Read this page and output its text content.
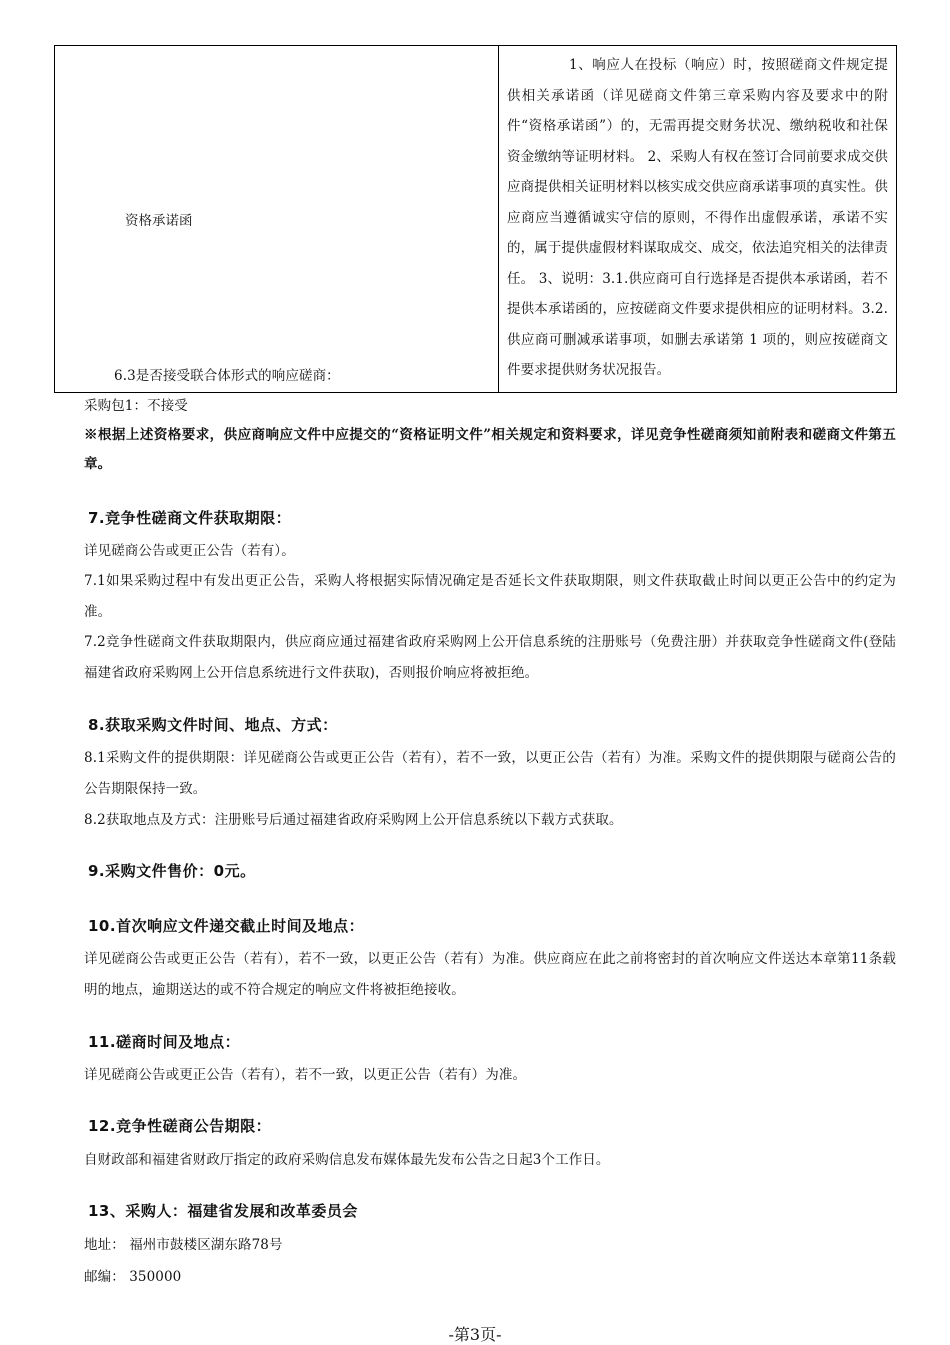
资格承诺函	1、响应人在投标（响应）时，按照磋商文件规定提供相关承诺函（详见磋商文件第三章采购内容及要求中的附件“资格承诺函”）的，无需再提交财务状况、缴纳税收和社保资金缴纳等证明材料。 2、采购人有权在签订合同前要求成交供应商提供相关证明材料以核实成交供应商承诺事项的真实性。供应商应当遵循诚实守信的原则，不得作出虚假承诺，承诺不实的，属于提供虚假材料谋取成交、成交，依法追究相关的法律责任。 3、说明：3.1.供应商可自行选择是否提供本承诺函，若不提供本承诺函的，应按磋商文件要求提供相应的证明材料。3.2.供应商可删减承诺事项，如删去承诺第 1 项的，则应按磋商文件要求提供财务状况报告。
6.3是否接受联合体形式的响应磋商：
采购包1：不接受
※根据上述资格要求，供应商响应文件中应提交的“资格证明文件”相关规定和资料要求，详见竞争性磋商须知前附表和磋商文件第五章。
7.竞争性磋商文件获取期限：
详见磋商公告或更正公告（若有）。
7.1如果采购过程中有发出更正公告，采购人将根据实际情况确定是否延长文件获取期限，则文件获取截止时间以更正公告中的约定为准。
7.2竞争性磋商文件获取期限内，供应商应通过福建省政府采购网上公开信息系统的注册账号（免费注册）并获取竞争性磋商文件(登陆福建省政府采购网上公开信息系统进行文件获取)，否则报价响应将被拒绝。
8.获取采购文件时间、地点、方式：
8.1采购文件的提供期限：详见磋商公告或更正公告（若有），若不一致，以更正公告（若有）为准。采购文件的提供期限与磋商公告的公告期限保持一致。
8.2获取地点及方式：注册账号后通过福建省政府采购网上公开信息系统以下载方式获取。
9.采购文件售价：0元。
10.首次响应文件递交截止时间及地点：
详见磋商公告或更正公告（若有），若不一致，以更正公告（若有）为准。供应商应在此之前将密封的首次响应文件送达本章第11条载明的地点，逾期送达的或不符合规定的响应文件将被拒绝接收。
11.磋商时间及地点：
详见磋商公告或更正公告（若有），若不一致，以更正公告（若有）为准。
12.竞争性磋商公告期限：
自财政部和福建省财政厅指定的政府采购信息发布媒体最先发布公告之日起3个工作日。
13、采购人：福建省发展和改革委员会
地址： 福州市鼓楼区湖东路78号
邮编： 350000
-第3页-
